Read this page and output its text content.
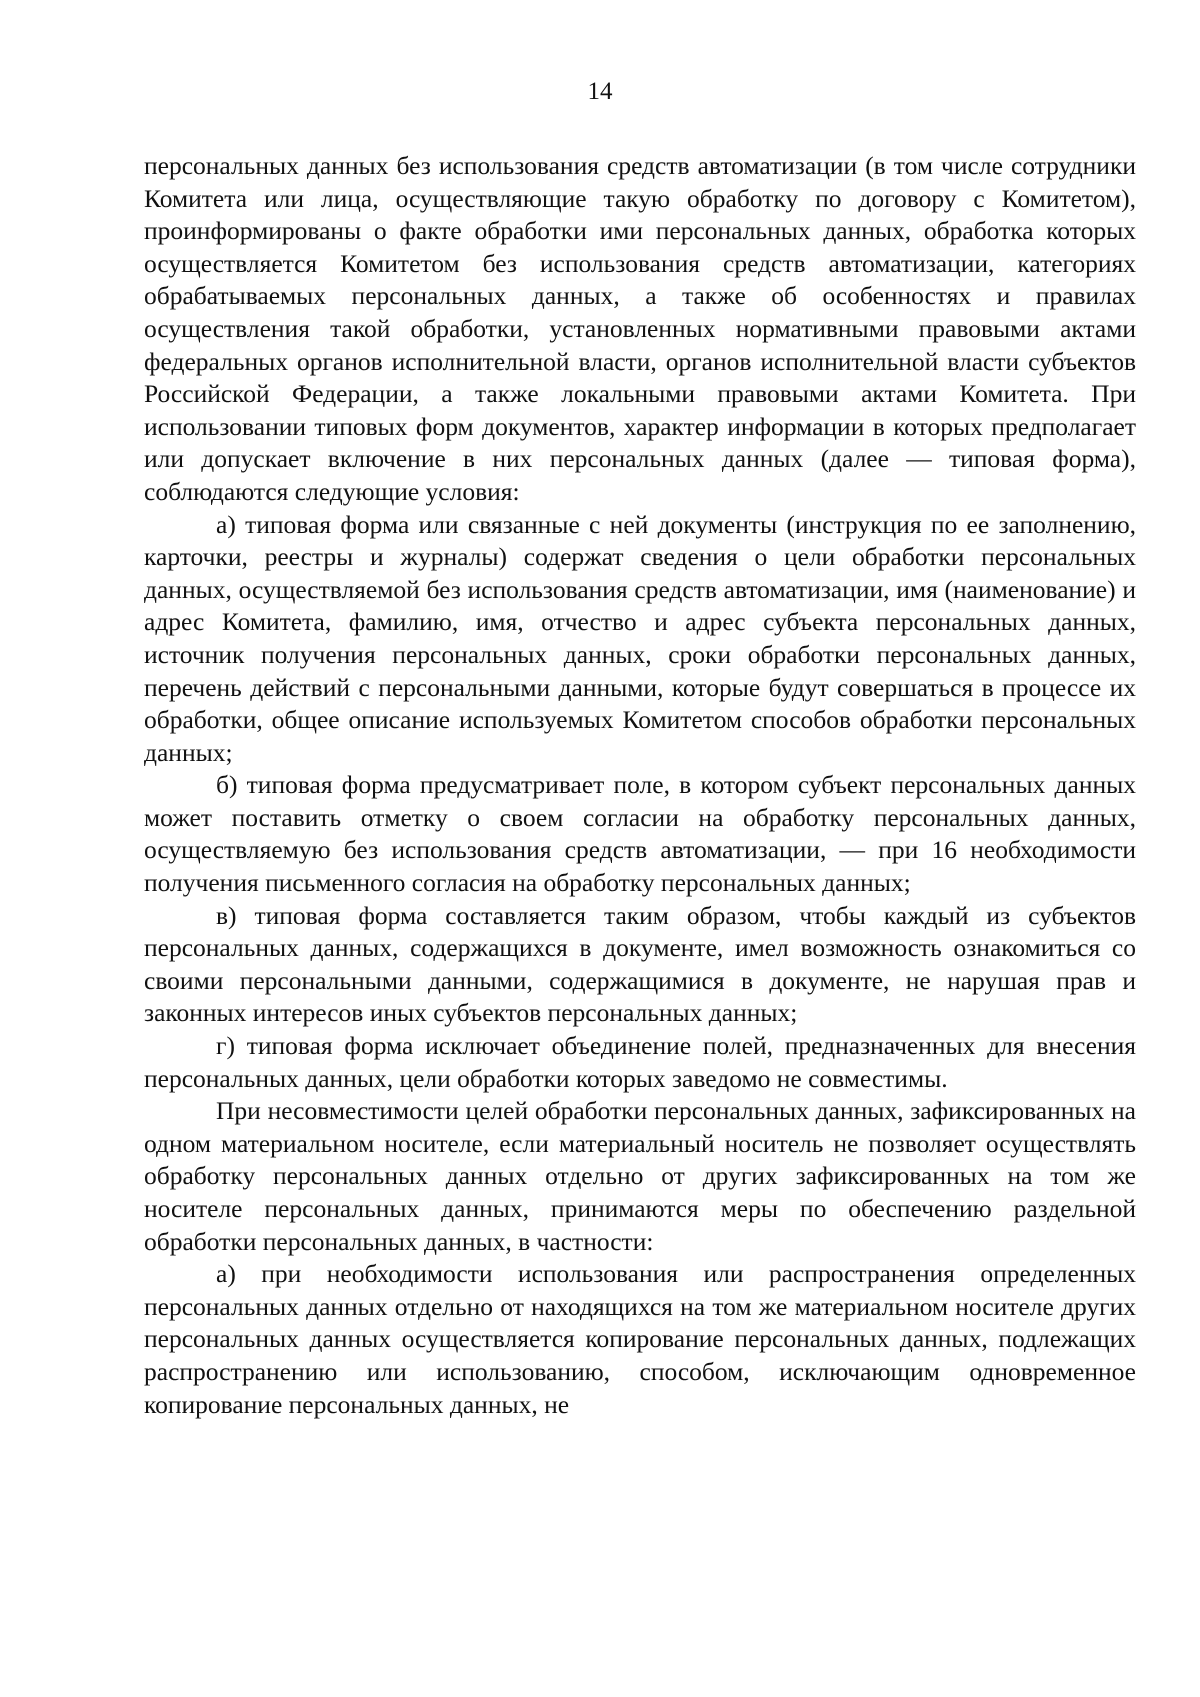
14

персональных данных без использования средств автоматизации (в том числе сотрудники Комитета или лица, осуществляющие такую обработку по договору с Комитетом), проинформированы о факте обработки ими персональных данных, обработка которых осуществляется Комитетом без использования средств автоматизации, категориях обрабатываемых персональных данных, а также об особенностях и правилах осуществления такой обработки, установленных нормативными правовыми актами федеральных органов исполнительной власти, органов исполнительной власти субъектов Российской Федерации, а также локальными правовыми актами Комитета. При использовании типовых форм документов, характер информации в которых предполагает или допускает включение в них персональных данных (далее — типовая форма), соблюдаются следующие условия:

а) типовая форма или связанные с ней документы (инструкция по ее заполнению, карточки, реестры и журналы) содержат сведения о цели обработки персональных данных, осуществляемой без использования средств автоматизации, имя (наименование) и адрес Комитета, фамилию, имя, отчество и адрес субъекта персональных данных, источник получения персональных данных, сроки обработки персональных данных, перечень действий с персональными данными, которые будут совершаться в процессе их обработки, общее описание используемых Комитетом способов обработки персональных данных;

б) типовая форма предусматривает поле, в котором субъект персональных данных может поставить отметку о своем согласии на обработку персональных данных, осуществляемую без использования средств автоматизации, — при 16 необходимости получения письменного согласия на обработку персональных данных;

в) типовая форма составляется таким образом, чтобы каждый из субъектов персональных данных, содержащихся в документе, имел возможность ознакомиться со своими персональными данными, содержащимися в документе, не нарушая прав и законных интересов иных субъектов персональных данных;

г) типовая форма исключает объединение полей, предназначенных для внесения персональных данных, цели обработки которых заведомо не совместимы.

При несовместимости целей обработки персональных данных, зафиксированных на одном материальном носителе, если материальный носитель не позволяет осуществлять обработку персональных данных отдельно от других зафиксированных на том же носителе персональных данных, принимаются меры по обеспечению раздельной обработки персональных данных, в частности:

а) при необходимости использования или распространения определенных персональных данных отдельно от находящихся на том же материальном носителе других персональных данных осуществляется копирование персональных данных, подлежащих распространению или использованию, способом, исключающим одновременное копирование персональных данных, не
